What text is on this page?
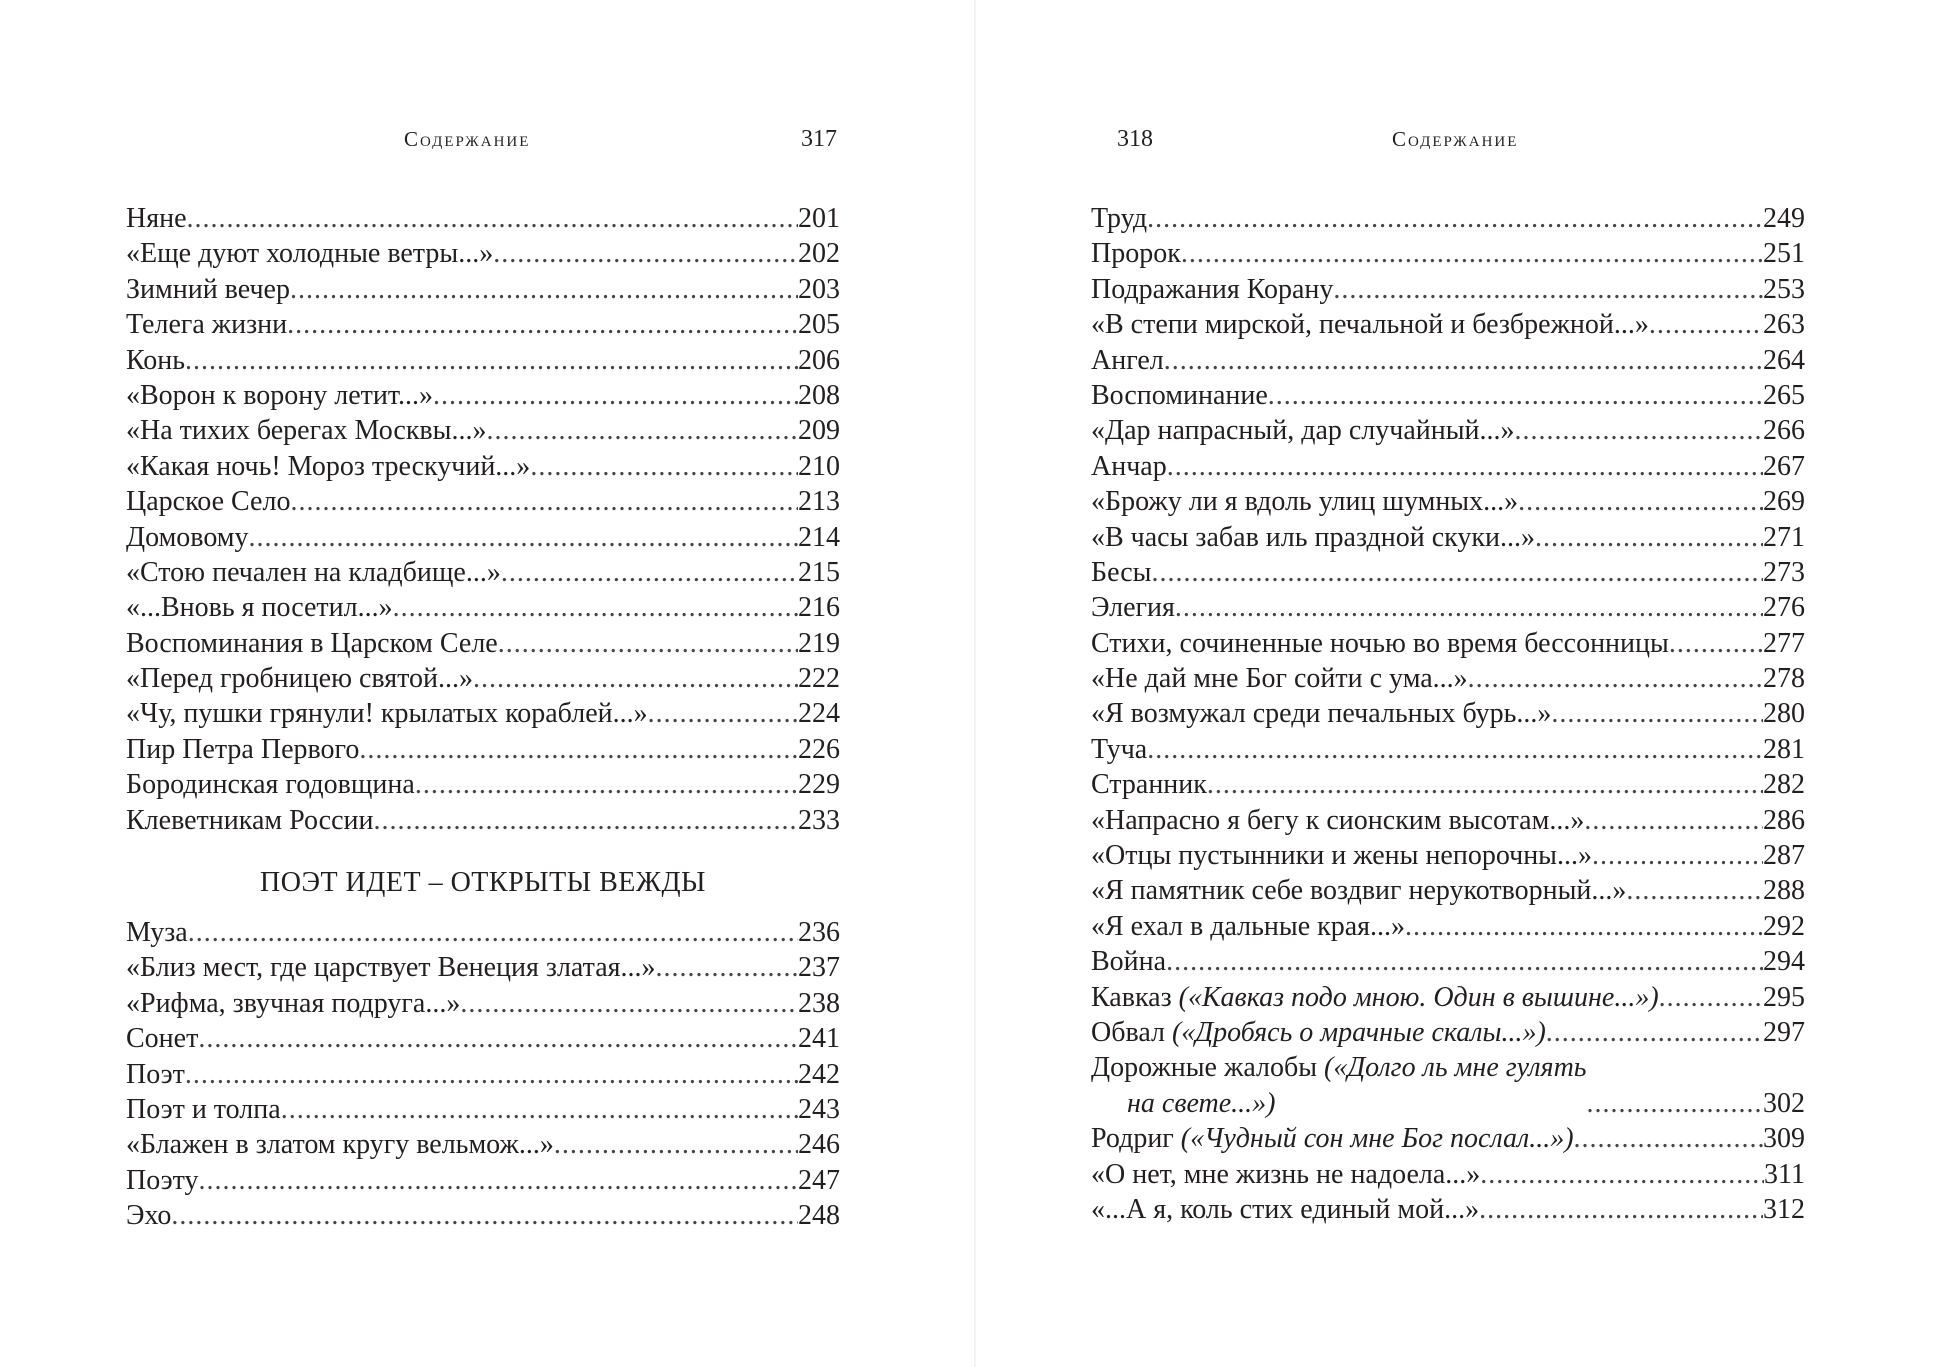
Содержание	317
Няне . . .	201
«Еще дуют холодные ветры...» . . .	202
Зимний вечер . . .	203
Телега жизни . . .	205
Конь . . .	206
«Ворон к ворону летит...» . . .	208
«На тихих берегах Москвы...» . . .	209
«Какая ночь! Мороз трескучий...» . . .	210
Царское Село . . .	213
Домовому . . .	214
«Стою печален на кладбище...» . . .	215
«...Вновь я посетил...» . . .	216
Воспоминания в Царском Селе . . .	219
«Перед гробницею святой...» . . .	222
«Чу, пушки грянули! крылатых кораблей...» . . .	224
Пир Петра Первого . . .	226
Бородинская годовщина . . .	229
Клеветникам России . . .	233
ПОЭТ ИДЕТ – ОТКРЫТЫ ВЕЖДЫ
Муза . . .	236
«Близ мест, где царствует Венеция златая...» . . .	237
«Рифма, звучная подруга...» . . .	238
Сонет . . .	241
Поэт . . .	242
Поэт и толпа . . .	243
«Блажен в златом кругу вельмож...» . . .	246
Поэту . . .	247
Эхо . . .	248
318	Содержание
Труд . . .	249
Пророк . . .	251
Подражания Корану . . .	253
«В степи мирской, печальной и безбрежной...» . . .	263
Ангел . . .	264
Воспоминание . . .	265
«Дар напрасный, дар случайный...» . . .	266
Анчар . . .	267
«Брожу ли я вдоль улиц шумных...» . . .	269
«В часы забав иль праздной скуки...» . . .	271
Бесы . . .	273
Элегия . . .	276
Стихи, сочиненные ночью во время бессонницы . . .	277
«Не дай мне Бог сойти с ума...» . . .	278
«Я возмужал среди печальных бурь...» . . .	280
Туча . . .	281
Странник . . .	282
«Напрасно я бегу к сионским высотам...» . . .	286
«Отцы пустынники и жены непорочны...» . . .	287
«Я памятник себе воздвиг нерукотворный...» . . .	288
«Я ехал в дальные края...» . . .	292
Война . . .	294
Кавказ («Кавказ подо мною. Один в вышине...») . . .	295
Обвал («Дробясь о мрачные скалы...») . . .	297
Дорожные жалобы («Долго ль мне гулять
на свете...») . . .	302
Родриг («Чудный сон мне Бог послал...») . . .	309
«О нет, мне жизнь не надоела...» . . .	311
«...А я, коль стих единый мой...» . . .	312
